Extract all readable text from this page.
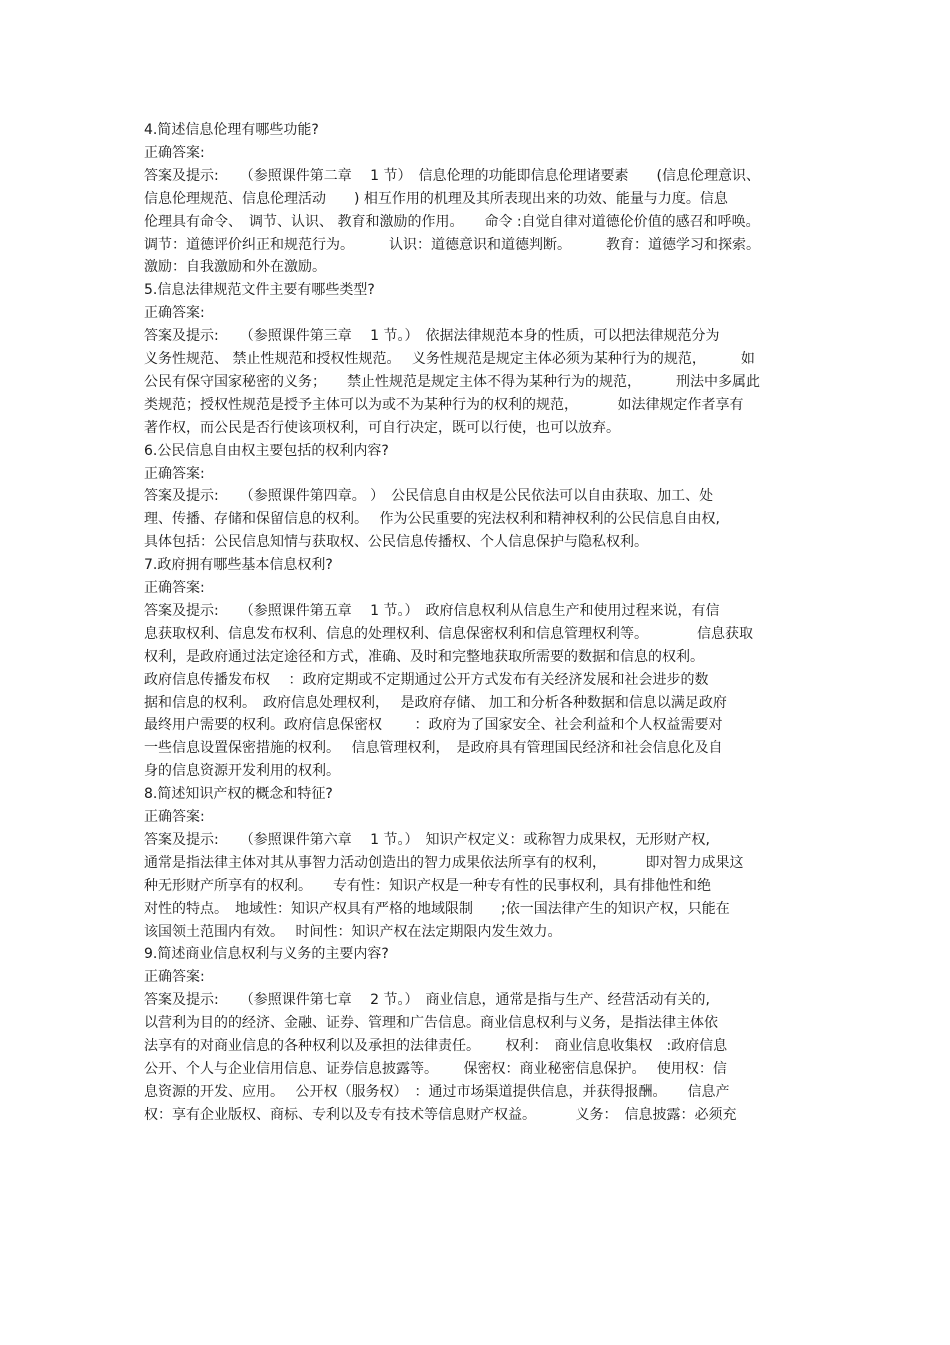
4.简述信息伦理有哪些功能?
正确答案:
答案及提示:　　（参照课件第二章　 1 节）　信息伦理的功能即信息伦理诸要素　　(信息伦理意识、
信息伦理规范、信息伦理活动　　) 相互作用的机理及其所表现出来的功效、能量与力度。信息
伦理具有命令、　调节、认识、 教育和激励的作用。　　命令 :自觉自律对道德伦价值的感召和呼唤。
调节：道德评价纠正和规范行为。　　　认识：道德意识和道德判断。　　　教育：道德学习和探索。
激励：自我激励和外在激励。
5.信息法律规范文件主要有哪些类型?
正确答案:
答案及提示:　　（参照课件第三章　 1 节。）　依据法律规范本身的性质，可以把法律规范分为
义务性规范、 禁止性规范和授权性规范。　 义务性规范是规定主体必须为某种行为的规范，　　　如
公民有保守国家秘密的义务；　　禁止性规范是规定主体不得为某种行为的规范，　　　刑法中多属此
类规范；授权性规范是授予主体可以为或不为某种行为的权利的规范，　　　 如法律规定作者享有
著作权，而公民是否行使该项权利，可自行决定，既可以行使，也可以放弃。
6.公民信息自由权主要包括的权利内容?
正确答案:
答案及提示:　　（参照课件第四章。 ）　公民信息自由权是公民依法可以自由获取、加工、处
理、传播、存储和保留信息的权利。　 作为公民重要的宪法权利和精神权利的公民信息自由权,
具体包括：公民信息知情与获取权、公民信息传播权、个人信息保护与隐私权利。
7.政府拥有哪些基本信息权利?
正确答案:
答案及提示:　　（参照课件第五章　 1 节。）　政府信息权利从信息生产和使用过程来说，有信
息获取权利、信息发布权利、信息的处理权利、信息保密权利和信息管理权利等。　　　　信息获取
权利，是政府通过法定途径和方式，准确、及时和完整地获取所需要的数据和信息的权利。
政府信息传播发布权　 ：政府定期或不定期通过公开方式发布有关经济发展和社会进步的数
据和信息的权利。　政府信息处理权利，　 是政府存储、 加工和分析各种数据和信息以满足政府
最终用户需要的权利。政府信息保密权　　 ：政府为了国家安全、社会利益和个人权益需要对
一些信息设置保密措施的权利。　 信息管理权利，　是政府具有管理国民经济和社会信息化及自
身的信息资源开发利用的权利。
8.简述知识产权的概念和特征?
正确答案:
答案及提示:　　（参照课件第六章　 1 节。）　知识产权定义：或称智力成果权，无形财产权,
通常是指法律主体对其从事智力活动创造出的智力成果依法所享有的权利，　　　 即对智力成果这
种无形财产所享有的权利。　　专有性：知识产权是一种专有性的民事权利，具有排他性和绝
对性的特点。　地域性：知识产权具有严格的地域限制　　;依一国法律产生的知识产权，只能在
该国领土范围内有效。　 时间性：知识产权在法定期限内发生效力。
9.简述商业信息权利与义务的主要内容?
正确答案:
答案及提示:　　（参照课件第七章　 2 节。）　商业信息，通常是指与生产、经营活动有关的,
以营利为目的的经济、金融、证券、管理和广告信息。商业信息权利与义务，是指法律主体依
法享有的对商业信息的各种权利以及承担的法律责任。　　 权利：　商业信息收集权　:政府信息
公开、个人与企业信用信息、证券信息披露等。　　 保密权：商业秘密信息保护。　 使用权：信
息资源的开发、应用。　 公开权（服务权）　：通过市场渠道提供信息，并获得报酬。　　信息产
权：享有企业版权、商标、专利以及专有技术等信息财产权益。　　　 义务：　信息披露：必须充
